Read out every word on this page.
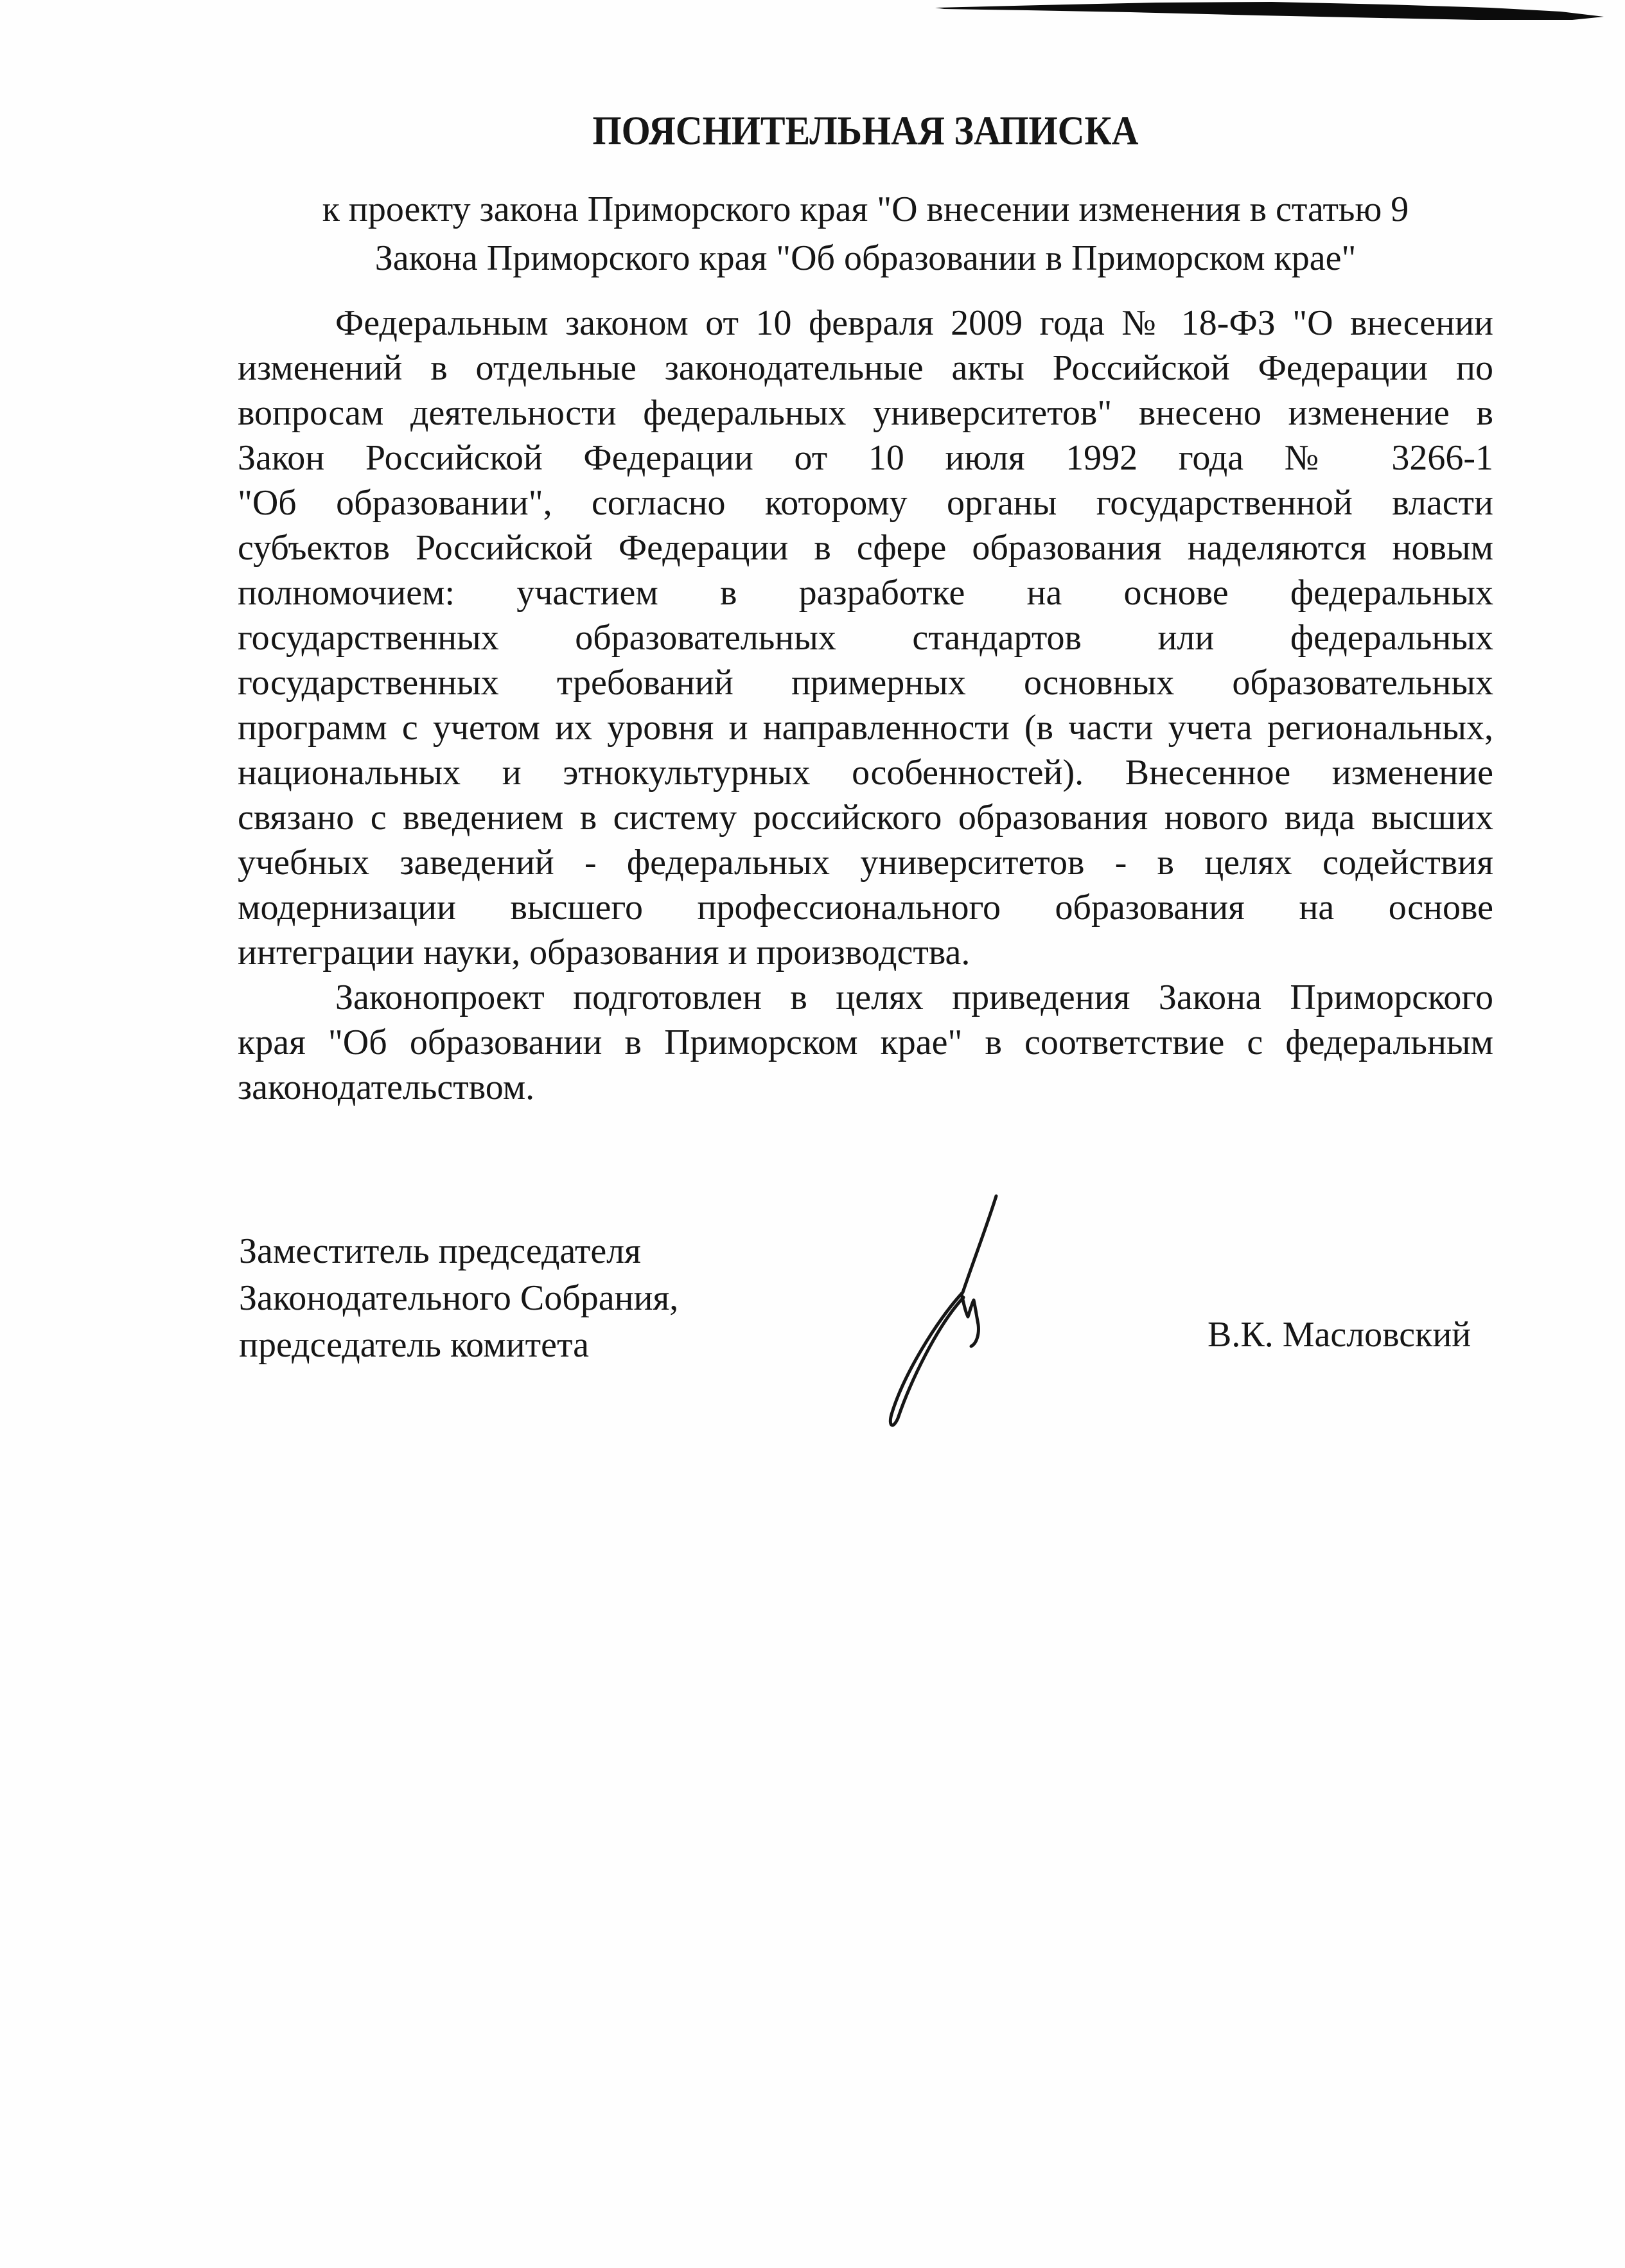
ПОЯСНИТЕЛЬНАЯ ЗАПИСКА
к проекту закона Приморского края "О внесении изменения в статью 9
Закона Приморского края "Об образовании в Приморском крае"
Федеральным законом от 10 февраля 2009 года № 18-ФЗ "О внесении
изменений в отдельные законодательные акты Российской Федерации по
вопросам деятельности федеральных университетов" внесено изменение в
Закон Российской Федерации от 10 июля 1992 года № 3266-1
"Об образовании", согласно которому органы государственной власти
субъектов Российской Федерации в сфере образования наделяются новым
полномочием: участием в разработке на основе федеральных
государственных образовательных стандартов или федеральных
государственных требований примерных основных образовательных
программ с учетом их уровня и направленности (в части учета региональных,
национальных и этнокультурных особенностей). Внесенное изменение
связано с введением в систему российского образования нового вида высших
учебных заведений - федеральных университетов - в целях содействия
модернизации высшего профессионального образования на основе
интеграции науки, образования и производства.
Законопроект подготовлен в целях приведения Закона Приморского
края "Об образовании в Приморском крае" в соответствие с федеральным
законодательством.
Заместитель председателя
Законодательного Собрания,
председатель комитета	В.К. Масловский
